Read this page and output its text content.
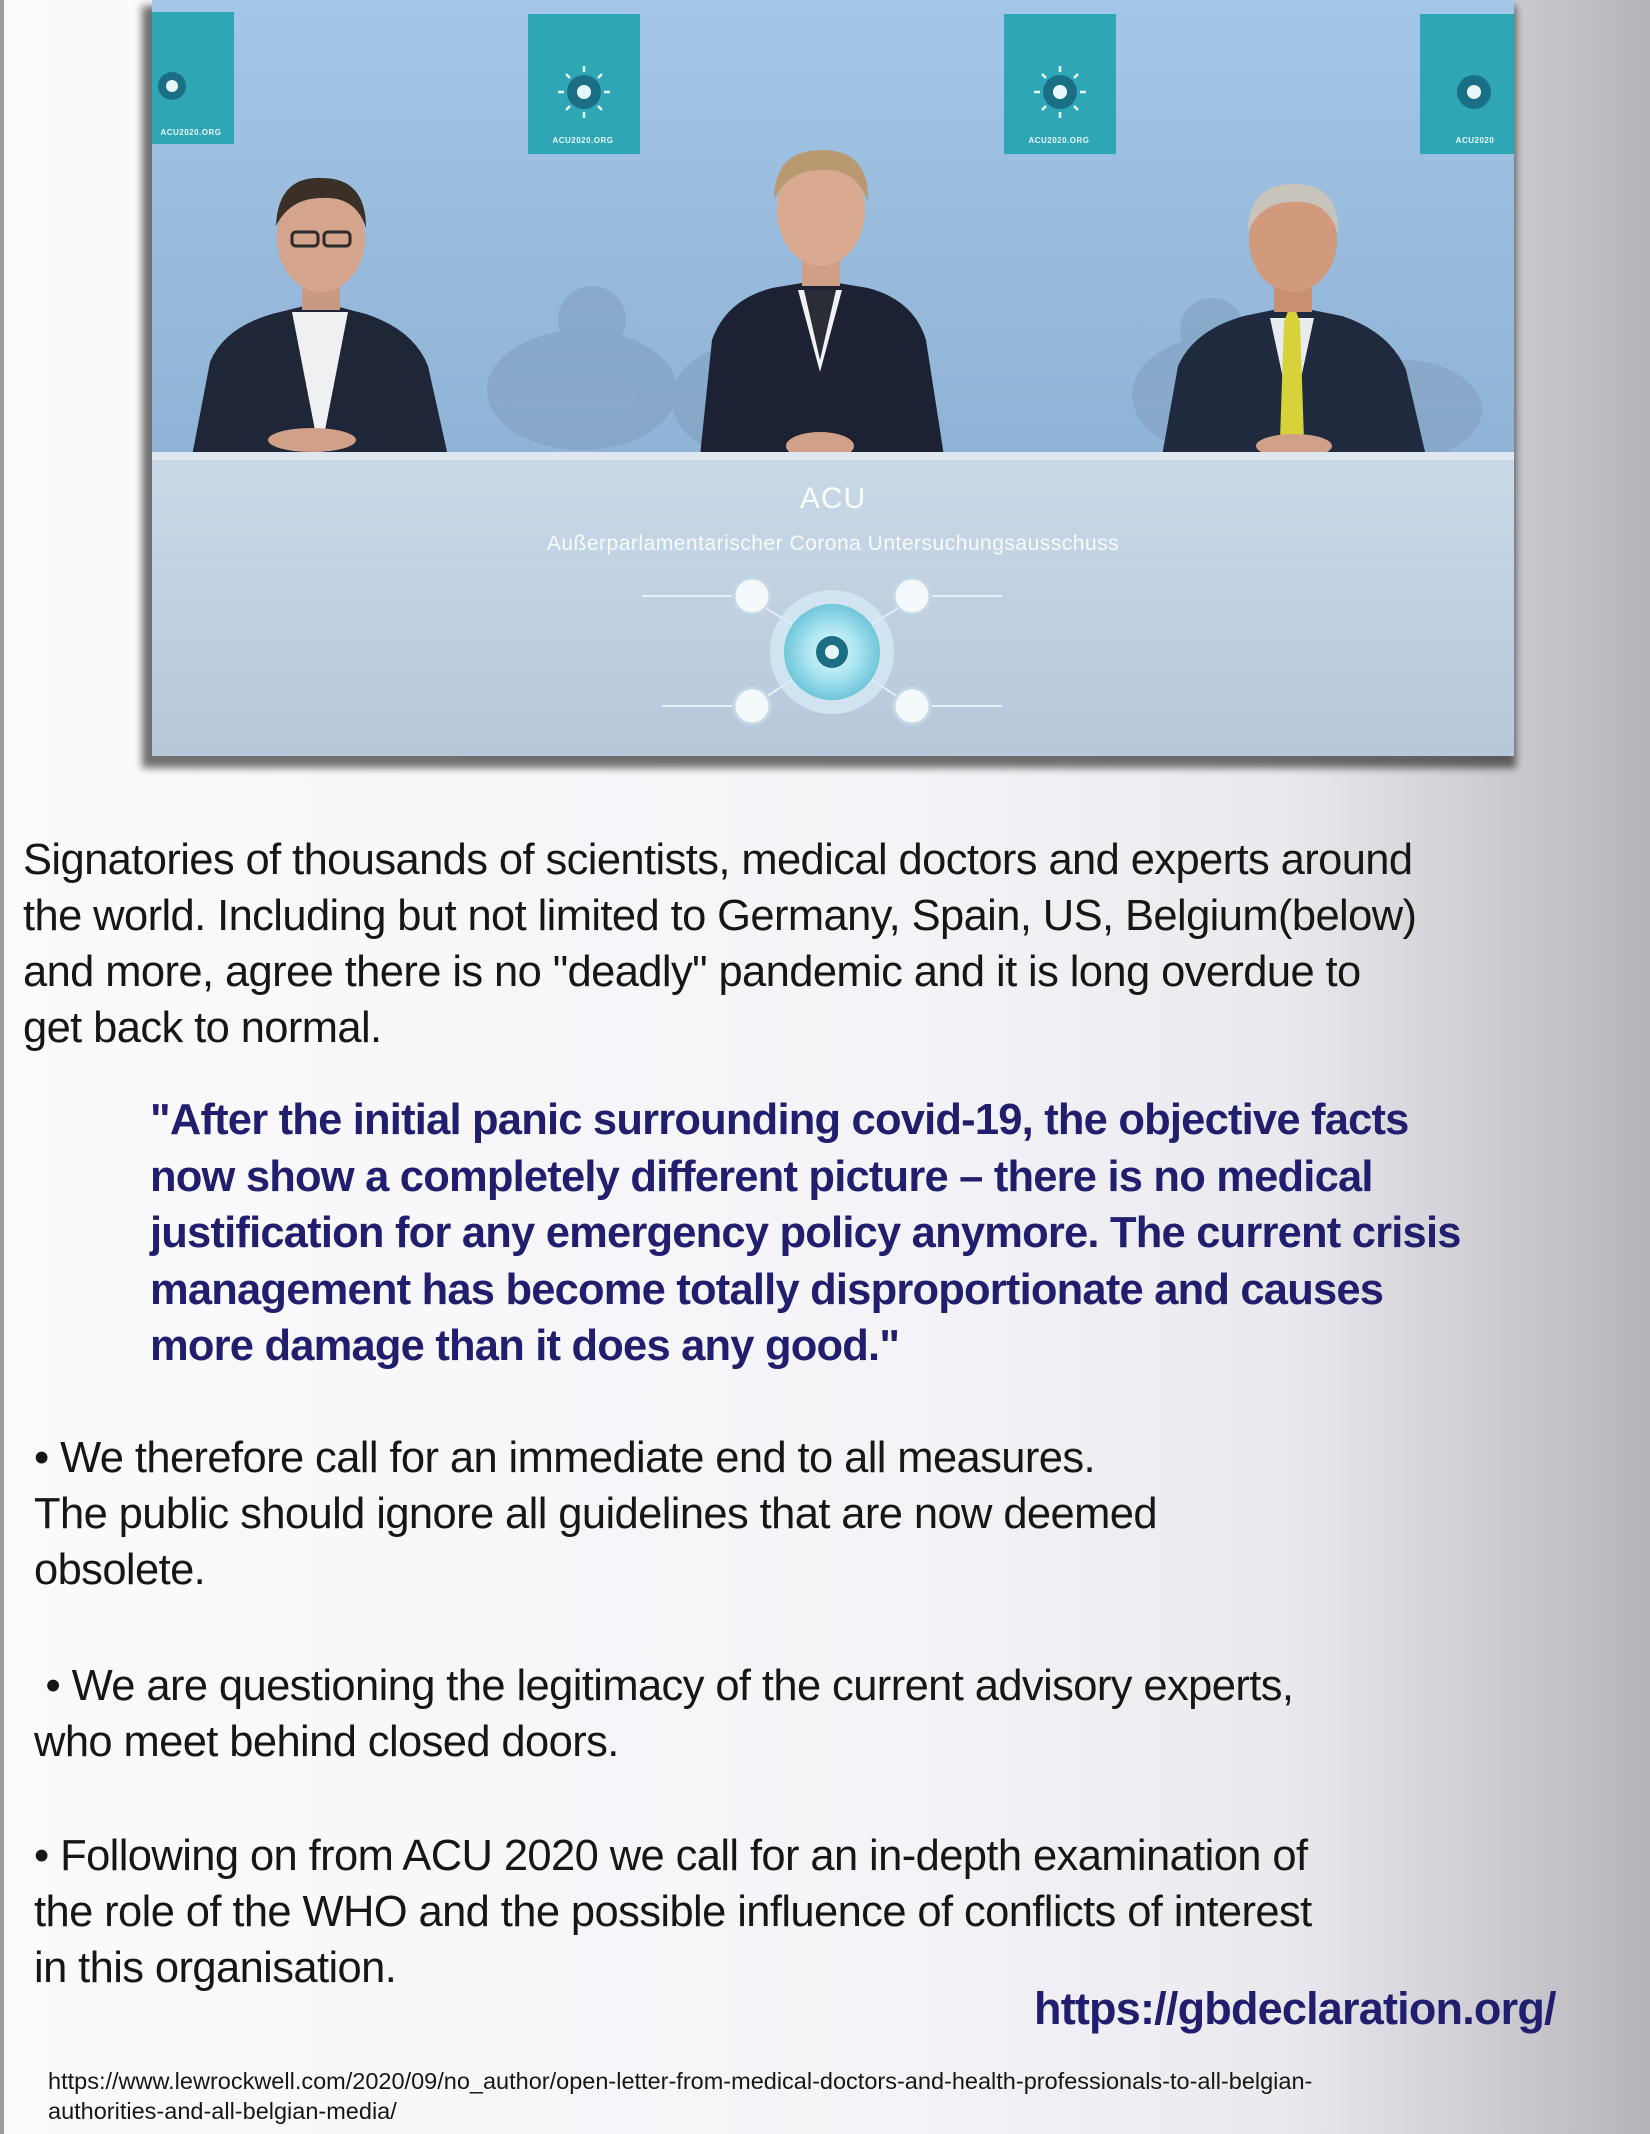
ACU2020.ORG
ACU2020.ORG	ACU2020.ORG	ACU2020
ACU
Außerparlamentarischer Corona Untersuchungsausschuss
Signatories of thousands of scientists, medical doctors and experts around
the world. Including but not limited to Germany, Spain, US, Belgium(below)
and more, agree there is no "deadly" pandemic and it is long overdue to
get back to normal.
"After the initial panic surrounding covid-19, the objective facts
now show a completely different picture – there is no medical
justification for any emergency policy anymore. The current crisis
management has become totally disproportionate and causes
more damage than it does any good."
• We therefore call for an immediate end to all measures.
The public should ignore all guidelines that are now deemed
obsolete.
• We are questioning the legitimacy of the current advisory experts,
who meet behind closed doors.
• Following on from ACU 2020 we call for an in-depth examination of
the role of the WHO and the possible influence of conflicts of interest
in this organisation.
https://gbdeclaration.org/
https://www.lewrockwell.com/2020/09/no_author/open-letter-from-medical-doctors-and-health-professionals-to-all-belgian-
authorities-and-all-belgian-media/
